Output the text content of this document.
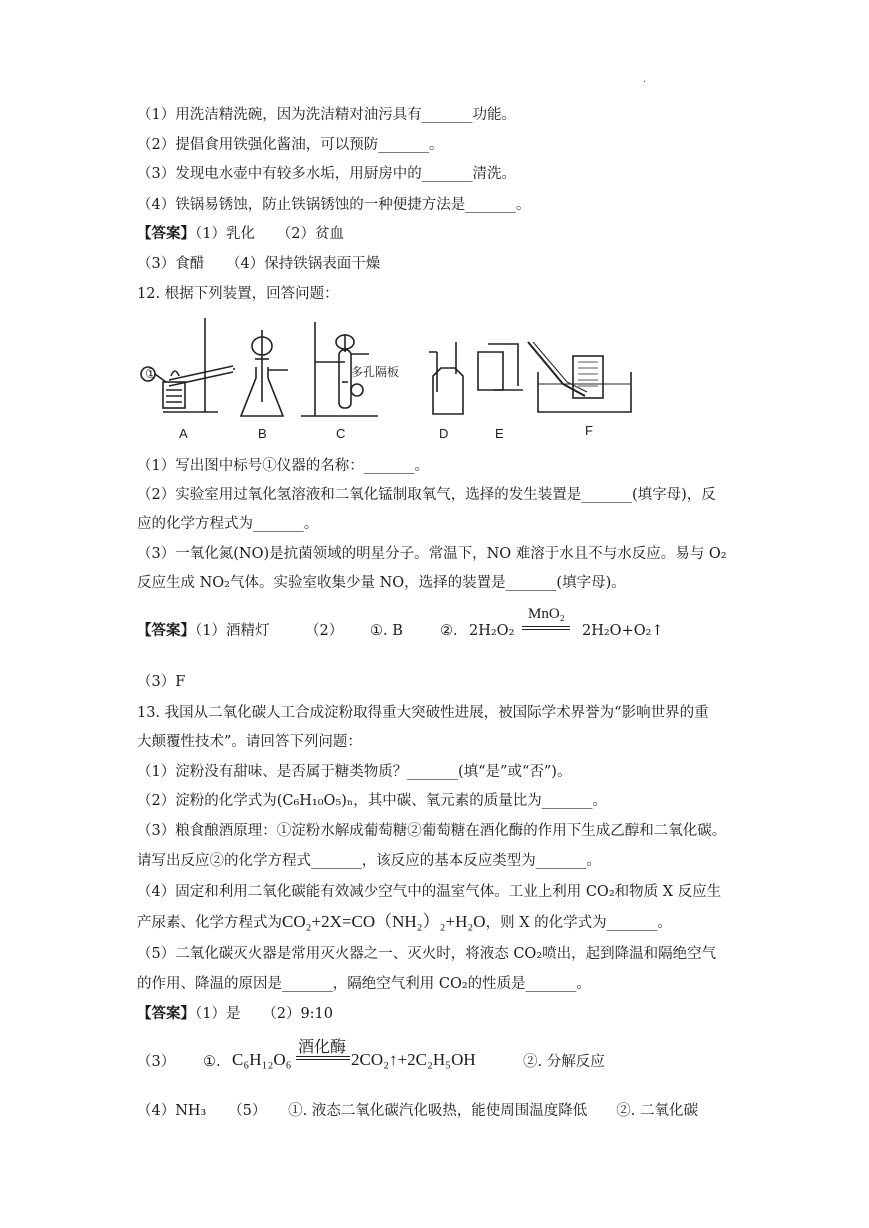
.
（1）用洗洁精洗碗，因为洗洁精对油污具有_______功能。
（2）提倡食用铁强化酱油，可以预防_______。
（3）发现电水壶中有较多水垢，用厨房中的_______清洗。
（4）铁锅易锈蚀，防止铁锅锈蚀的一种便捷方法是_______。
【答案】（1）乳化　　（2）贫血
（3）食醋　　（4）保持铁锅表面干燥
12. 根据下列装置，回答问题：
①	多孔隔板
A	B	C	D	E	F
（1）写出图中标号①仪器的名称：_______。
（2）实验室用过氧化氢溶液和二氧化锰制取氧气，选择的发生装置是_______(填字母)，反
应的化学方程式为_______。
（3）一氧化氮(NO)是抗菌领域的明星分子。常温下，NO 难溶于水且不与水反应。易与 O₂
反应生成 NO₂气体。实验室收集少量 NO，选择的装置是_______(填字母)。
【答案】（1）酒精灯 （2） ①. B	②. 2H₂O₂
MnO₂
2H₂O+O₂↑
（3）F
13. 我国从二氧化碳人工合成淀粉取得重大突破性进展，被国际学术界誉为“影响世界的重
大颠覆性技术”。请回答下列问题：
（1）淀粉没有甜味、是否属于糖类物质？_______(填“是”或“否”)。
（2）淀粉的化学式为(C₆H₁₀O₅)ₙ，其中碳、氧元素的质量比为_______。
（3）粮食酿酒原理：①淀粉水解成葡萄糖②葡萄糖在酒化酶的作用下生成乙醇和二氧化碳。
请写出反应②的化学方程式_______，该反应的基本反应类型为_______。
（4）固定和利用二氧化碳能有效减少空气中的温室气体。工业上利用 CO₂和物质 X 反应生
产尿素、化学方程式为CO₂+2X=CO（NH₂）₂+H₂O，则 X 的化学式为_______。
（5）二氧化碳灭火器是常用灭火器之一、灭火时，将液态 CO₂喷出，起到降温和隔绝空气
的作用、降温的原因是_______，隔绝空气利用 CO₂的性质是_______。
【答案】（1）是　　（2）9:10
（3） ①. C₆H₁₂O₆
酒化酶
2CO₂↑+2C₂H₅OH	②. 分解反应
（4）NH₃　　（5）　　①. 液态二氧化碳汽化吸热，能使周围温度降低　　②. 二氧化碳
